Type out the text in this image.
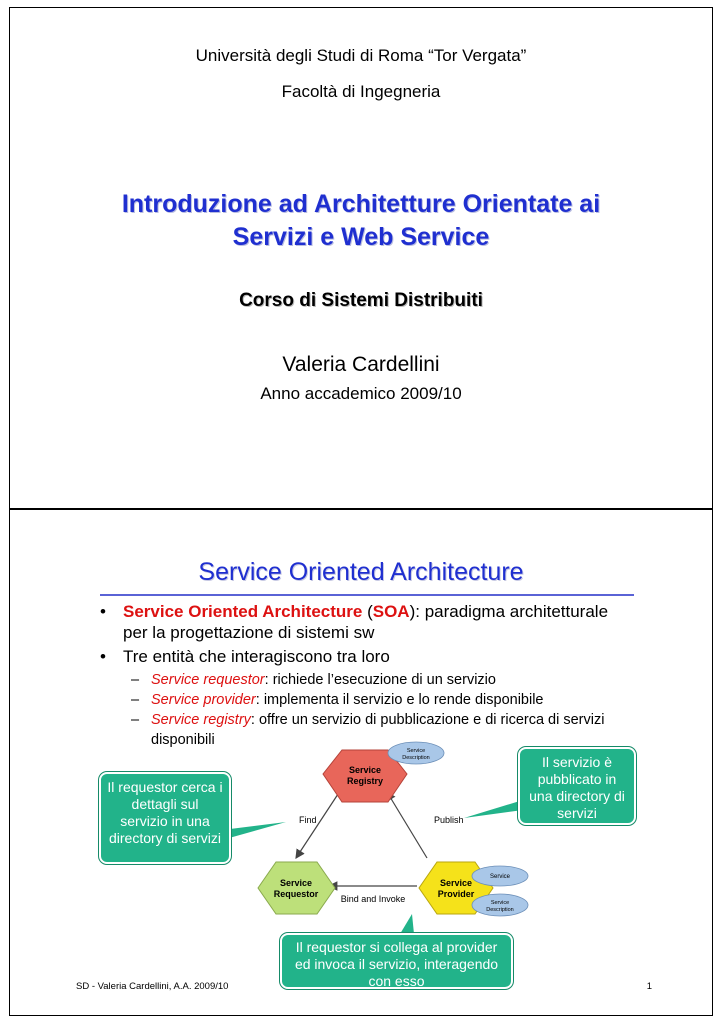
Università degli Studi di Roma “Tor Vergata”
Facoltà di Ingegneria
Introduzione ad Architetture Orientate ai
Servizi e Web Service
Corso di Sistemi Distribuiti
Valeria Cardellini
Anno accademico 2009/10
Service Oriented Architecture
• Service Oriented Architecture (SOA): paradigma architetturale per la progettazione di sistemi sw
• Tre entità che interagiscono tra loro
– Service requestor: richiede l’esecuzione di un servizio
– Service provider: implementa il servizio e lo rende disponibile
– Service registry: offre un servizio di pubblicazione e di ricerca di servizi disponibili
Service
Registry
Service
Description
Service
Requestor
Service
Provider
Service
Service
Description
Find	Publish
Bind and Invoke
Il requestor cerca i dettagli sul servizio in una directory di servizi
Il servizio è pubblicato in una directory di servizi
Il requestor si collega al provider ed invoca il servizio, interagendo con esso
SD - Valeria Cardellini, A.A. 2009/10	1
